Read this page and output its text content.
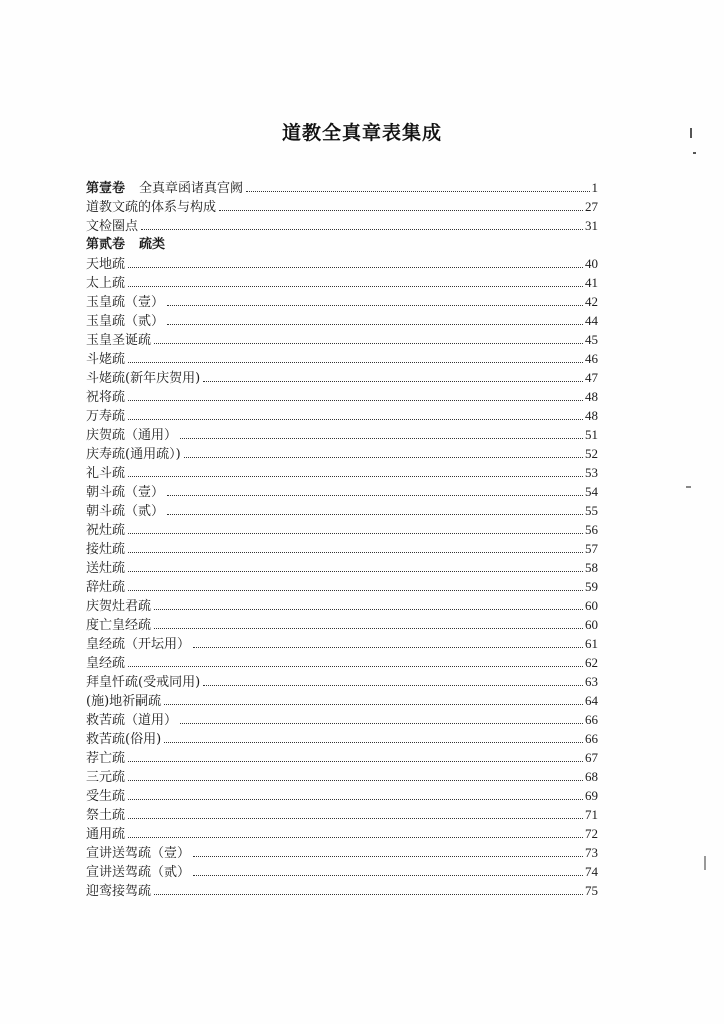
道教全真章表集成
第壹卷 全真章函诸真宫阙	1
道教文疏的体系与构成	27
文检圈点	31
第贰卷 疏类
天地疏	40
太上疏	41
玉皇疏（壹）	42
玉皇疏（贰）	44
玉皇圣诞疏	45
斗姥疏	46
斗姥疏(新年庆贺用)	47
祝将疏	48
万寿疏	48
庆贺疏（通用）	51
庆寿疏(通用疏）)	52
礼斗疏	53
朝斗疏（壹）	54
朝斗疏（贰）	55
祝灶疏	56
接灶疏	57
送灶疏	58
辞灶疏	59
庆贺灶君疏	60
度亡皇经疏	60
皇经疏（开坛用）	61
皇经疏	62
拜皇忏疏(受戒同用)	63
(施)地祈嗣疏	64
救苦疏（道用）	66
救苦疏(俗用)	66
荐亡疏	67
三元疏	68
受生疏	69
祭土疏	71
通用疏	72
宣讲送驾疏（壹）	73
宣讲送驾疏（贰）	74
迎鸾接驾疏	75
